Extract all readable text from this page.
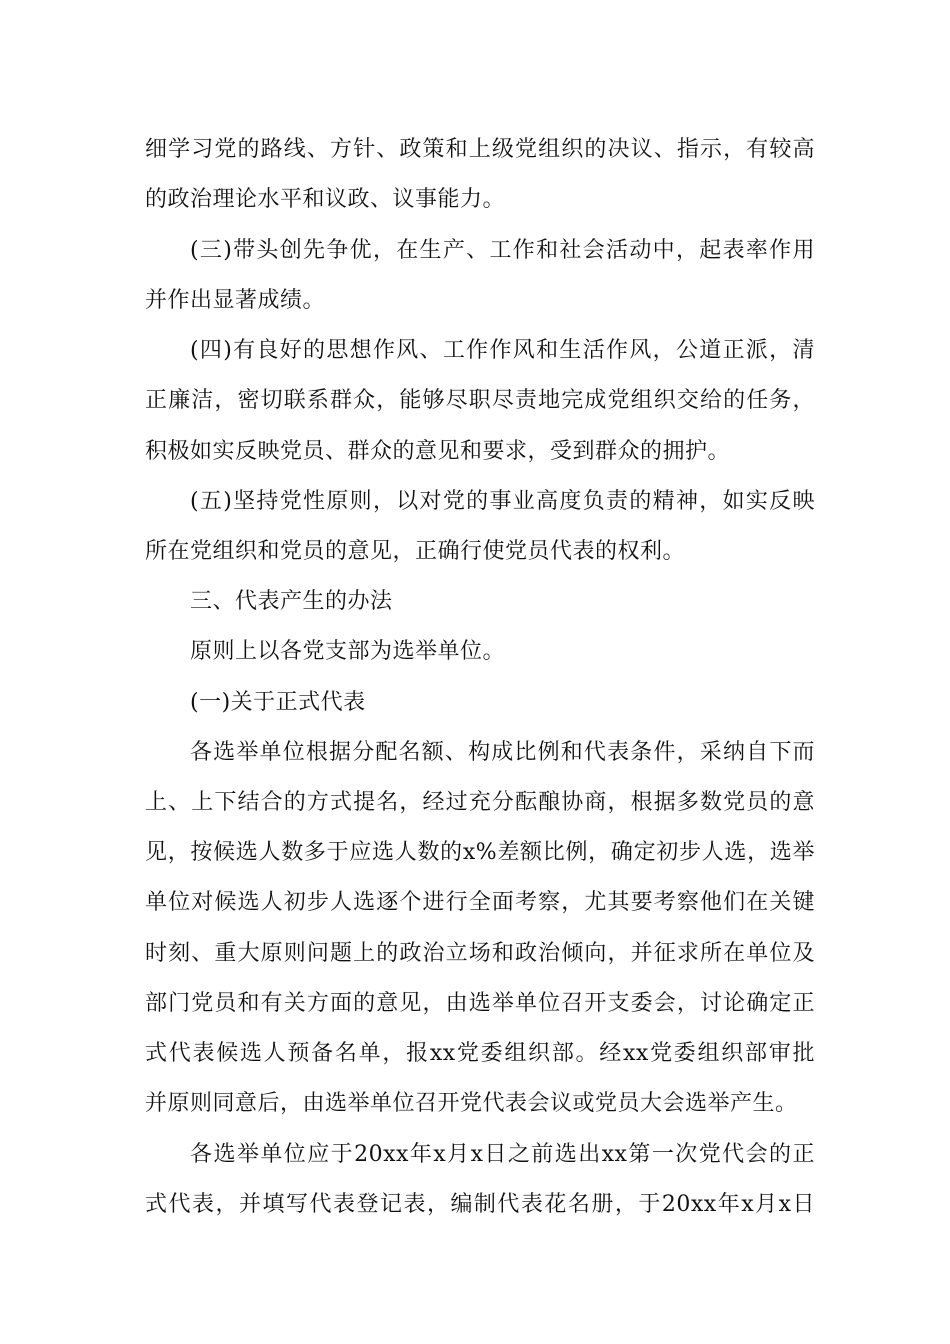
细学习党的路线、方针、政策和上级党组织的决议、指示，有较高
的政治理论水平和议政、议事能力。
(三)带头创先争优，在生产、工作和社会活动中，起表率作用
并作出显著成绩。
(四)有良好的思想作风、工作作风和生活作风，公道正派，清
正廉洁，密切联系群众，能够尽职尽责地完成党组织交给的任务，
积极如实反映党员、群众的意见和要求，受到群众的拥护。
(五)坚持党性原则，以对党的事业高度负责的精神，如实反映
所在党组织和党员的意见，正确行使党员代表的权利。
三、代表产生的办法
原则上以各党支部为选举单位。
(一)关于正式代表
各选举单位根据分配名额、构成比例和代表条件，采纳自下而
上、上下结合的方式提名，经过充分酝酿协商，根据多数党员的意
见，按候选人数多于应选人数的x%差额比例，确定初步人选，选举
单位对候选人初步人选逐个进行全面考察，尤其要考察他们在关键
时刻、重大原则问题上的政治立场和政治倾向，并征求所在单位及
部门党员和有关方面的意见，由选举单位召开支委会，讨论确定正
式代表候选人预备名单，报xx党委组织部。经xx党委组织部审批
并原则同意后，由选举单位召开党代表会议或党员大会选举产生。
各选举单位应于20xx年x月x日之前选出xx第一次党代会的正
式代表，并填写代表登记表，编制代表花名册，于20xx年x月x日
